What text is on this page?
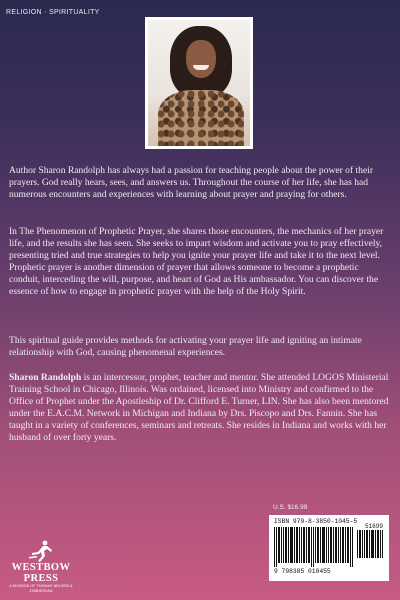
RELIGION · SPIRITUALITY

Author Sharon Randolph has always had a passion for teaching people about the power of their prayers. God really hears, sees, and answers us. Throughout the course of her life, she has had numerous encounters and experiences with learning about prayer and praying for others.

In The Phenomenon of Prophetic Prayer, she shares those encounters, the mechanics of her prayer life, and the results she has seen. She seeks to impart wisdom and activate you to pray effectively, presenting tried and true strategies to help you ignite your prayer life and take it to the next level. Prophetic prayer is another dimension of prayer that allows someone to become a prophetic conduit, interceding the will, purpose, and heart of God as His ambassador. You can discover the essence of how to engage in prophetic prayer with the help of the Holy Spirit.

This spiritual guide provides methods for activating your prayer life and igniting an intimate relationship with God, causing phenomenal experiences.

Sharon Randolph is an intercessor, prophet, teacher and mentor. She attended LOGOS Ministerial Training School in Chicago, Illinois. Was ordained, licensed into Ministry and confirmed to the Office of Prophet under the Apostleship of Dr. Clifford E. Turner, LIN. She has also been mentored under the E.A.C.M. Network in Michigan and Indiana by Drs. Piscopo and Drs. Fannin. She has taught in a variety of conferences, seminars and retreats. She resides in Indiana and works with her husband of over forty years.

U.S. $16.99
ISBN 979-8-3850-1045-5
51699
9 798385 010455
WESTBOW
PRESS
A DIVISION OF THOMAS NELSON & ZONDERVAN
